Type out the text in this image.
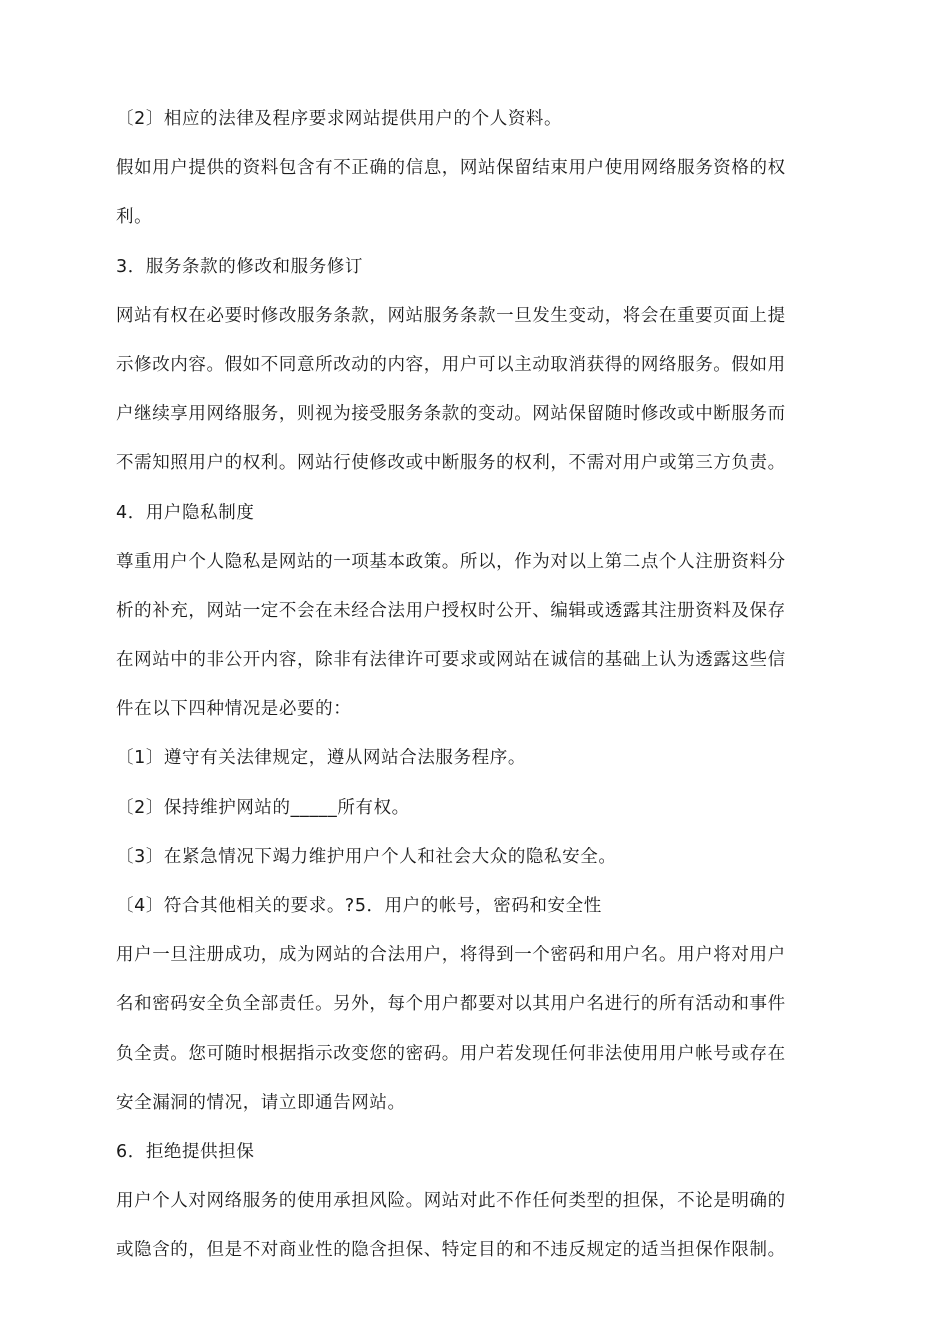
〔2〕相应的法律及程序要求网站提供用户的个人资料。
假如用户提供的资料包含有不正确的信息，网站保留结束用户使用网络服务资格的权
利。
3．服务条款的修改和服务修订
网站有权在必要时修改服务条款，网站服务条款一旦发生变动，将会在重要页面上提
示修改内容。假如不同意所改动的内容，用户可以主动取消获得的网络服务。假如用
户继续享用网络服务，则视为接受服务条款的变动。网站保留随时修改或中断服务而
不需知照用户的权利。网站行使修改或中断服务的权利，不需对用户或第三方负责。
4．用户隐私制度
尊重用户个人隐私是网站的一项基本政策。所以，作为对以上第二点个人注册资料分
析的补充，网站一定不会在未经合法用户授权时公开、编辑或透露其注册资料及保存
在网站中的非公开内容，除非有法律许可要求或网站在诚信的基础上认为透露这些信
件在以下四种情况是必要的：
〔1〕遵守有关法律规定，遵从网站合法服务程序。
〔2〕保持维护网站的_____所有权。
〔3〕在紧急情况下竭力维护用户个人和社会大众的隐私安全。
〔4〕符合其他相关的要求。?5．用户的帐号，密码和安全性
用户一旦注册成功，成为网站的合法用户，将得到一个密码和用户名。用户将对用户
名和密码安全负全部责任。另外，每个用户都要对以其用户名进行的所有活动和事件
负全责。您可随时根据指示改变您的密码。用户若发现任何非法使用用户帐号或存在
安全漏洞的情况，请立即通告网站。
6．拒绝提供担保
用户个人对网络服务的使用承担风险。网站对此不作任何类型的担保，不论是明确的
或隐含的，但是不对商业性的隐含担保、特定目的和不违反规定的适当担保作限制。
